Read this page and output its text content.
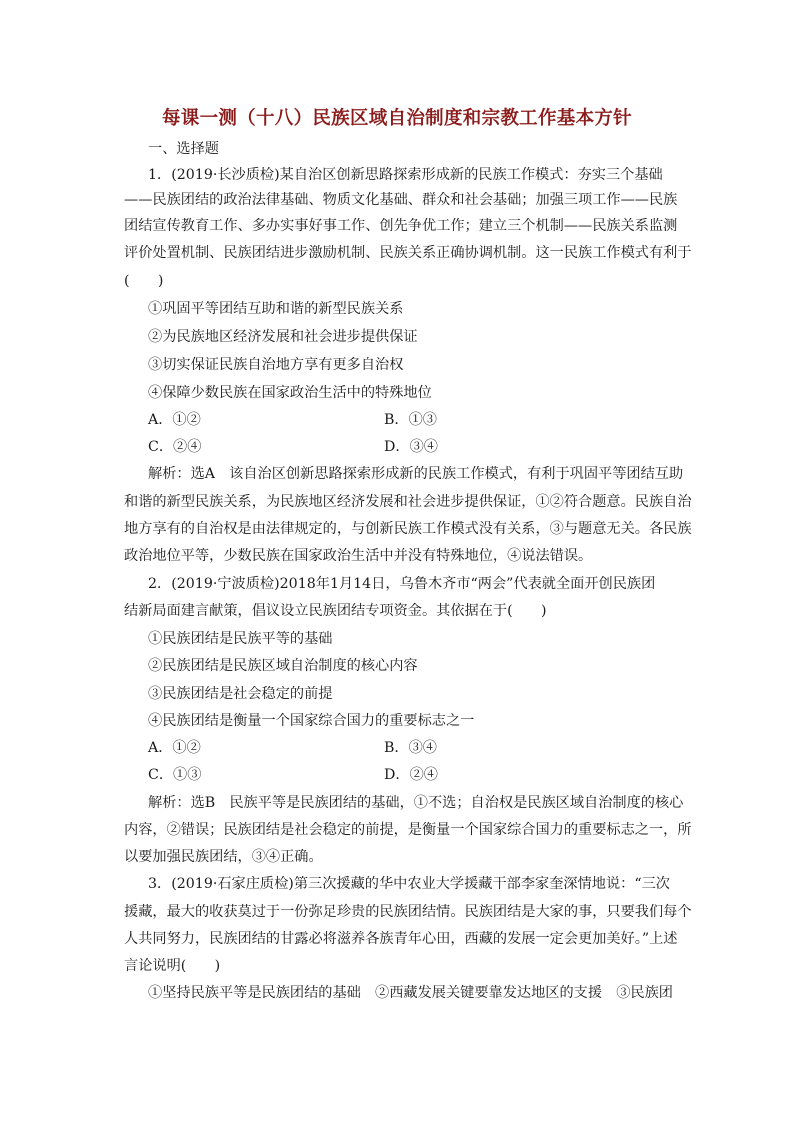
每课一测（十八）民族区域自治制度和宗教工作基本方针
一、选择题
1．(2019·长沙质检)某自治区创新思路探索形成新的民族工作模式：夯实三个基础
——民族团结的政治法律基础、物质文化基础、群众和社会基础；加强三项工作——民族
团结宣传教育工作、多办实事好事工作、创先争优工作；建立三个机制——民族关系监测
评价处置机制、民族团结进步激励机制、民族关系正确协调机制。这一民族工作模式有利于
(　　)
①巩固平等团结互助和谐的新型民族关系
②为民族地区经济发展和社会进步提供保证
③切实保证民族自治地方享有更多自治权
④保障少数民族在国家政治生活中的特殊地位
A．①②	B．①③
C．②④	D．③④
解析：选A　该自治区创新思路探索形成新的民族工作模式，有利于巩固平等团结互助
和谐的新型民族关系，为民族地区经济发展和社会进步提供保证，①②符合题意。民族自治
地方享有的自治权是由法律规定的，与创新民族工作模式没有关系，③与题意无关。各民族
政治地位平等，少数民族在国家政治生活中并没有特殊地位，④说法错误。
2．(2019·宁波质检)2018年1月14日，乌鲁木齐市“两会”代表就全面开创民族团
结新局面建言献策，倡议设立民族团结专项资金。其依据在于(　　)
①民族团结是民族平等的基础
②民族团结是民族区域自治制度的核心内容
③民族团结是社会稳定的前提
④民族团结是衡量一个国家综合国力的重要标志之一
A．①②	B．③④
C．①③	D．②④
解析：选B　民族平等是民族团结的基础，①不选；自治权是民族区域自治制度的核心
内容，②错误；民族团结是社会稳定的前提，是衡量一个国家综合国力的重要标志之一，所
以要加强民族团结，③④正确。
3．(2019·石家庄质检)第三次援藏的华中农业大学援藏干部李家奎深情地说：“三次
援藏，最大的收获莫过于一份弥足珍贵的民族团结情。民族团结是大家的事，只要我们每个
人共同努力，民族团结的甘露必将滋养各族青年心田，西藏的发展一定会更加美好。”上述
言论说明(　　)
①坚持民族平等是民族团结的基础　②西藏发展关键要靠发达地区的支援　③民族团
